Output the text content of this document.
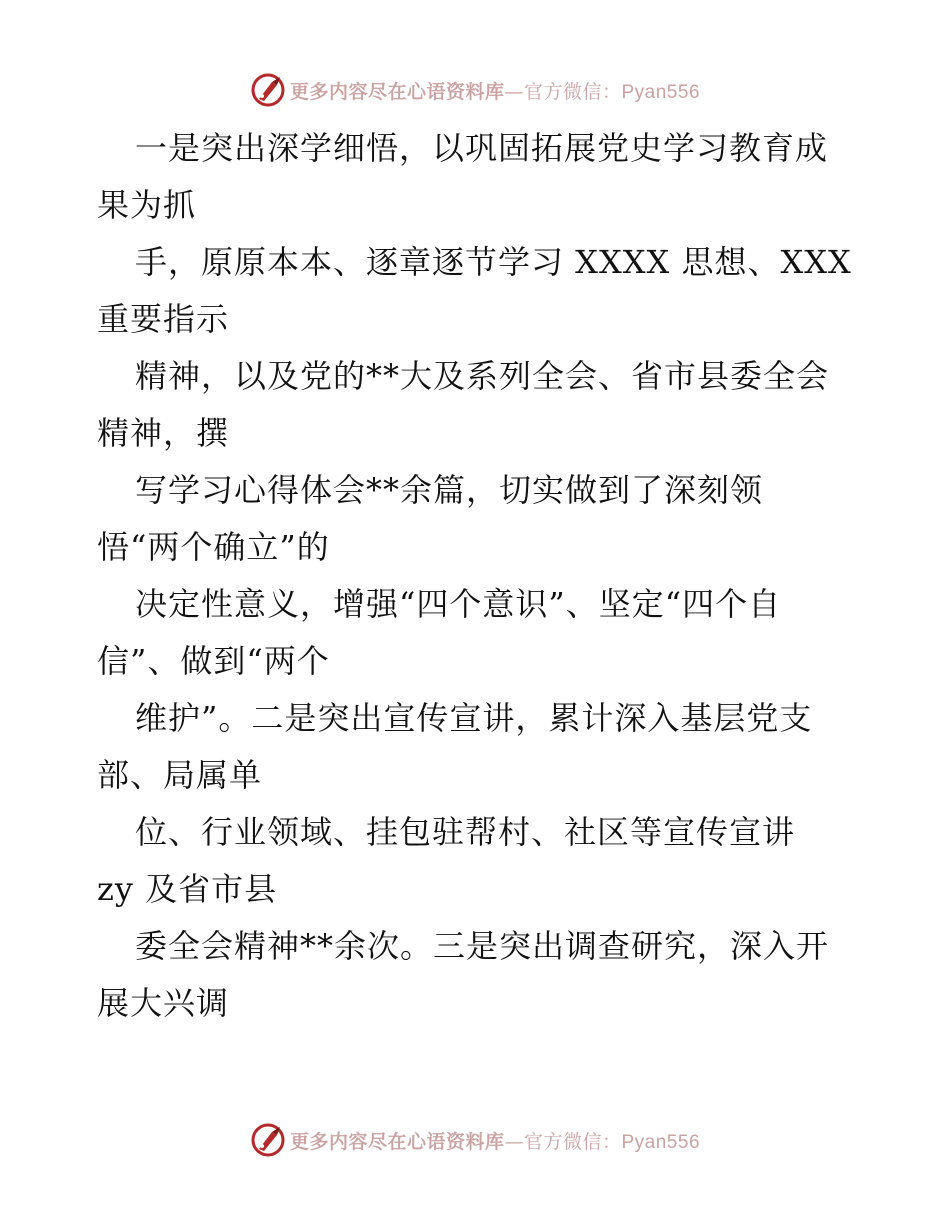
更多内容尽在心语资料库—官方微信：Pyan556
一是突出深学细悟，以巩固拓展党史学习教育成
果为抓
手，原原本本、逐章逐节学习 XXXX 思想、XXX
重要指示
精神，以及党的**大及系列全会、省市县委全会
精神，撰
写学习心得体会**余篇，切实做到了深刻领
悟“两个确立”的
决定性意义，增强“四个意识”、坚定“四个自
信”、做到“两个
维护”。二是突出宣传宣讲，累计深入基层党支
部、局属单
位、行业领域、挂包驻帮村、社区等宣传宣讲
zy 及省市县
委全会精神**余次。三是突出调查研究，深入开
展大兴调
更多内容尽在心语资料库—官方微信：Pyan556
